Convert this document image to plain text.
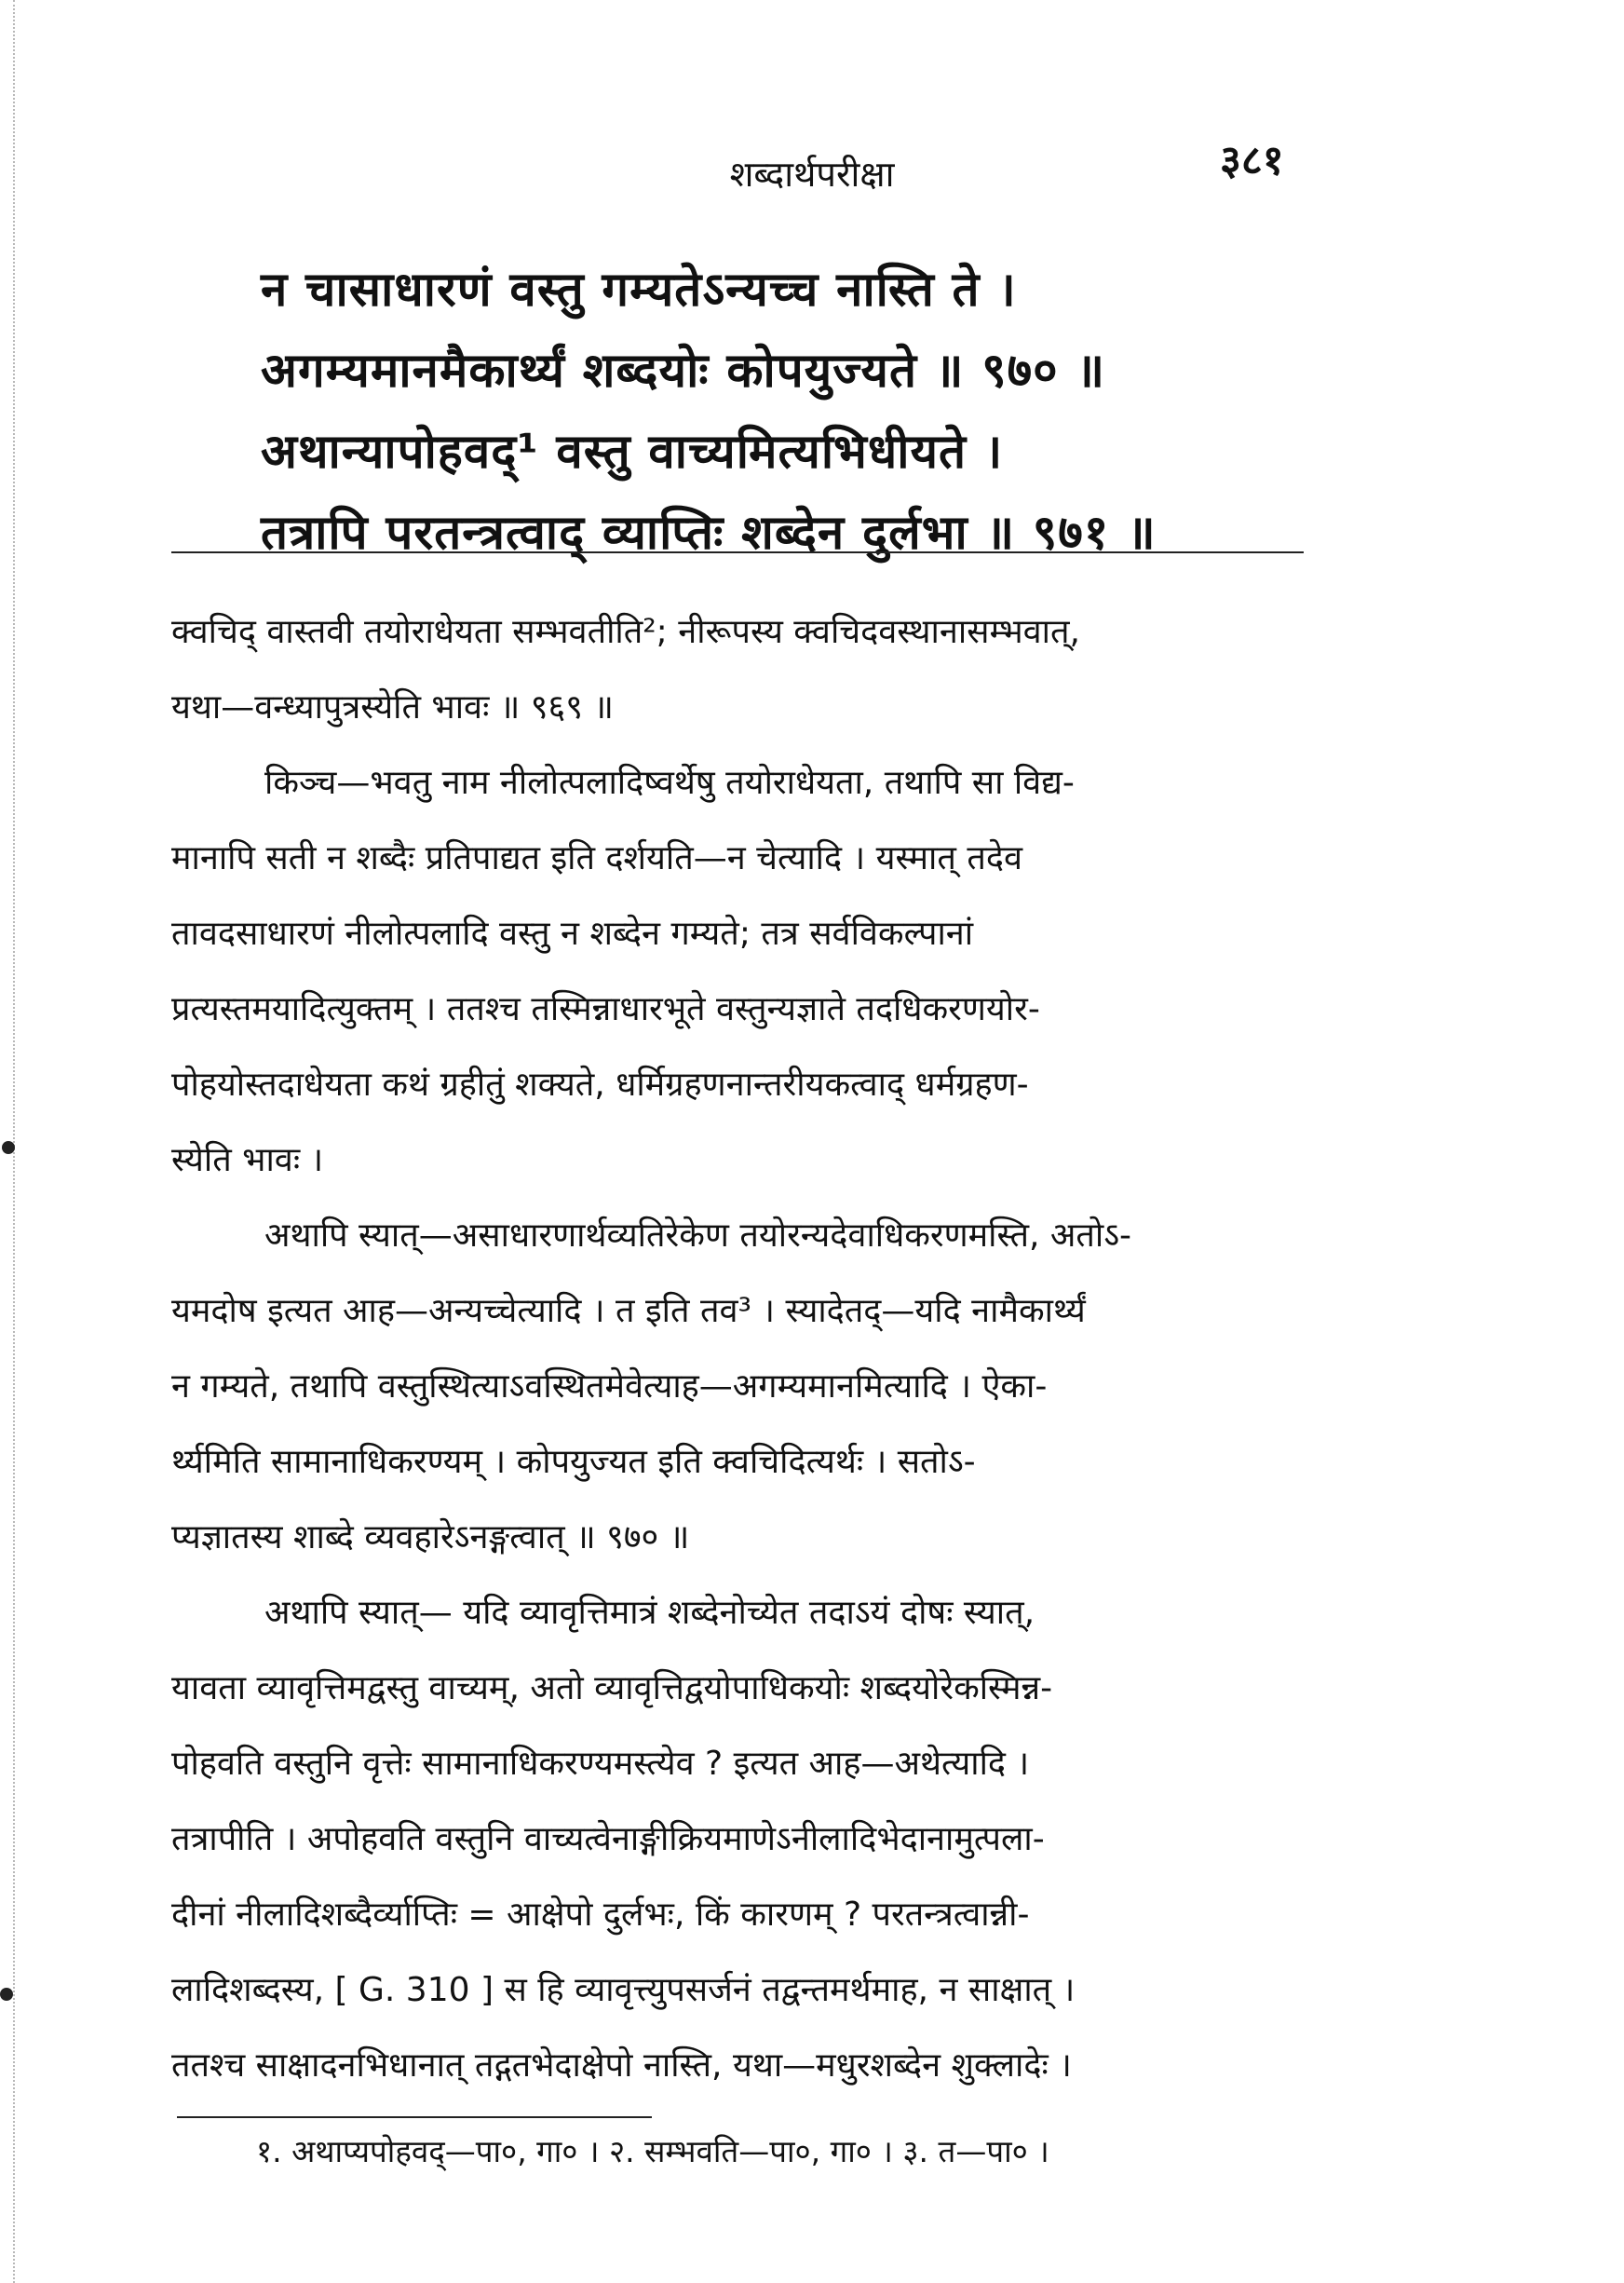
शब्दार्थपरीक्षा	३८१
न चासाधारणं वस्तु गम्यतेऽन्यच्च नास्ति ते ।
अगम्यमानमैकार्थ्यं शब्दयोः कोपयुज्यते ॥ ९७० ॥
अथान्यापोहवद्¹ वस्तु वाच्यमित्यभिधीयते ।
तत्रापि परतन्त्रत्वाद् व्याप्तिः शब्देन दुर्लभा ॥ ९७१ ॥
क्वचिद् वास्तवी तयोराधेयता सम्भवतीति²; नीरूपस्य क्वचिदवस्थानासम्भवात्,
यथा—वन्ध्यापुत्रस्येति भावः ॥ ९६९ ॥
किञ्च—भवतु नाम नीलोत्पलादिष्वर्थेषु तयोराधेयता, तथापि सा विद्य-
मानापि सती न शब्दैः प्रतिपाद्यत इति दर्शयति—न चेत्यादि । यस्मात् तदेव
तावदसाधारणं नीलोत्पलादि वस्तु न शब्देन गम्यते; तत्र सर्वविकल्पानां
प्रत्यस्तमयादित्युक्तम् । ततश्च तस्मिन्नाधारभूते वस्तुन्यज्ञाते तदधिकरणयोर-
पोहयोस्तदाधेयता कथं ग्रहीतुं शक्यते, धर्मिग्रहणनान्तरीयकत्वाद् धर्मग्रहण-
स्येति भावः ।
अथापि स्यात्—असाधारणार्थव्यतिरेकेण तयोरन्यदेवाधिकरणमस्ति, अतोऽ-
यमदोष इत्यत आह—अन्यच्चेत्यादि । त इति तव³ । स्यादेतद्—यदि नामैकार्थ्यं
न गम्यते, तथापि वस्तुस्थित्याऽवस्थितमेवेत्याह—अगम्यमानमित्यादि । ऐका-
र्थ्यमिति सामानाधिकरण्यम् । कोपयुज्यत इति क्वचिदित्यर्थः । सतोऽ-
प्यज्ञातस्य शाब्दे व्यवहारेऽनङ्गत्वात् ॥ ९७० ॥
अथापि स्यात्— यदि व्यावृत्तिमात्रं शब्देनोच्येत तदाऽयं दोषः स्यात्,
यावता व्यावृत्तिमद्वस्तु वाच्यम्, अतो व्यावृत्तिद्वयोपाधिकयोः शब्दयोरेकस्मिन्न-
पोहवति वस्तुनि वृत्तेः सामानाधिकरण्यमस्त्येव ? इत्यत आह—अथेत्यादि ।
तत्रापीति । अपोहवति वस्तुनि वाच्यत्वेनाङ्गीक्रियमाणेऽनीलादिभेदानामुत्पला-
दीनां नीलादिशब्दैर्व्याप्तिः = आक्षेपो दुर्लभः, किं कारणम् ? परतन्त्रत्वान्नी-
लादिशब्दस्य, [ G. 310 ] स हि व्यावृत्त्युपसर्जनं तद्वन्तमर्थमाह, न साक्षात् ।
ततश्च साक्षादनभिधानात् तद्गतभेदाक्षेपो नास्ति, यथा—मधुरशब्देन शुक्लादेः ।
१. अथाप्यपोहवद्—पा०, गा० । २. सम्भवति—पा०, गा० । ३. त—पा० ।
